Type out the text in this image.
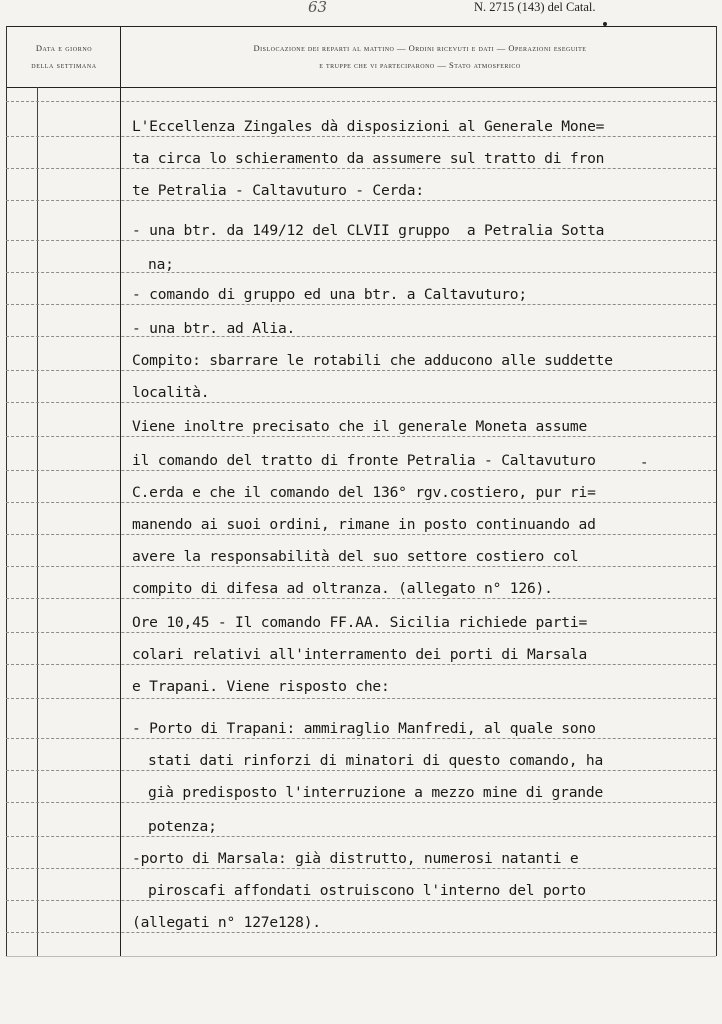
63	N. 2715 (143) del Catal.
Data e giorno
della settimana
Dislocazione dei reparti al mattino — Ordini ricevuti e dati — Operazioni eseguite
e truppe che vi parteciparono — Stato atmosferico
L'Eccellenza Zingales dà disposizioni al Generale Mone=
ta circa lo schieramento da assumere sul tratto di fron
te Petralia - Caltavuturo - Cerda:
- una btr. da 149/12 del CLVII gruppo  a Petralia Sotta
na;
- comando di gruppo ed una btr. a Caltavuturo;
- una btr. ad Alia.
Compito: sbarrare le rotabili che adducono alle suddette
località.
Viene inoltre precisato che il generale Moneta assume
il comando del tratto di fronte Petralia - Caltavuturo
C.erda e che il comando del 136° rgv.costiero, pur ri=
manendo ai suoi ordini, rimane in posto continuando ad
avere la responsabilità del suo settore costiero col
compito di difesa ad oltranza. (allegato n° 126).
Ore 10,45 - Il comando FF.AA. Sicilia richiede parti=
colari relativi all'interramento dei porti di Marsala
e Trapani. Viene risposto che:
- Porto di Trapani: ammiraglio Manfredi, al quale sono
stati dati rinforzi di minatori di questo comando, ha
già predisposto l'interruzione a mezzo mine di grande
potenza;
-porto di Marsala: già distrutto, numerosi natanti e
piroscafi affondati ostruiscono l'interno del porto
(allegati n° 127e128).
-
